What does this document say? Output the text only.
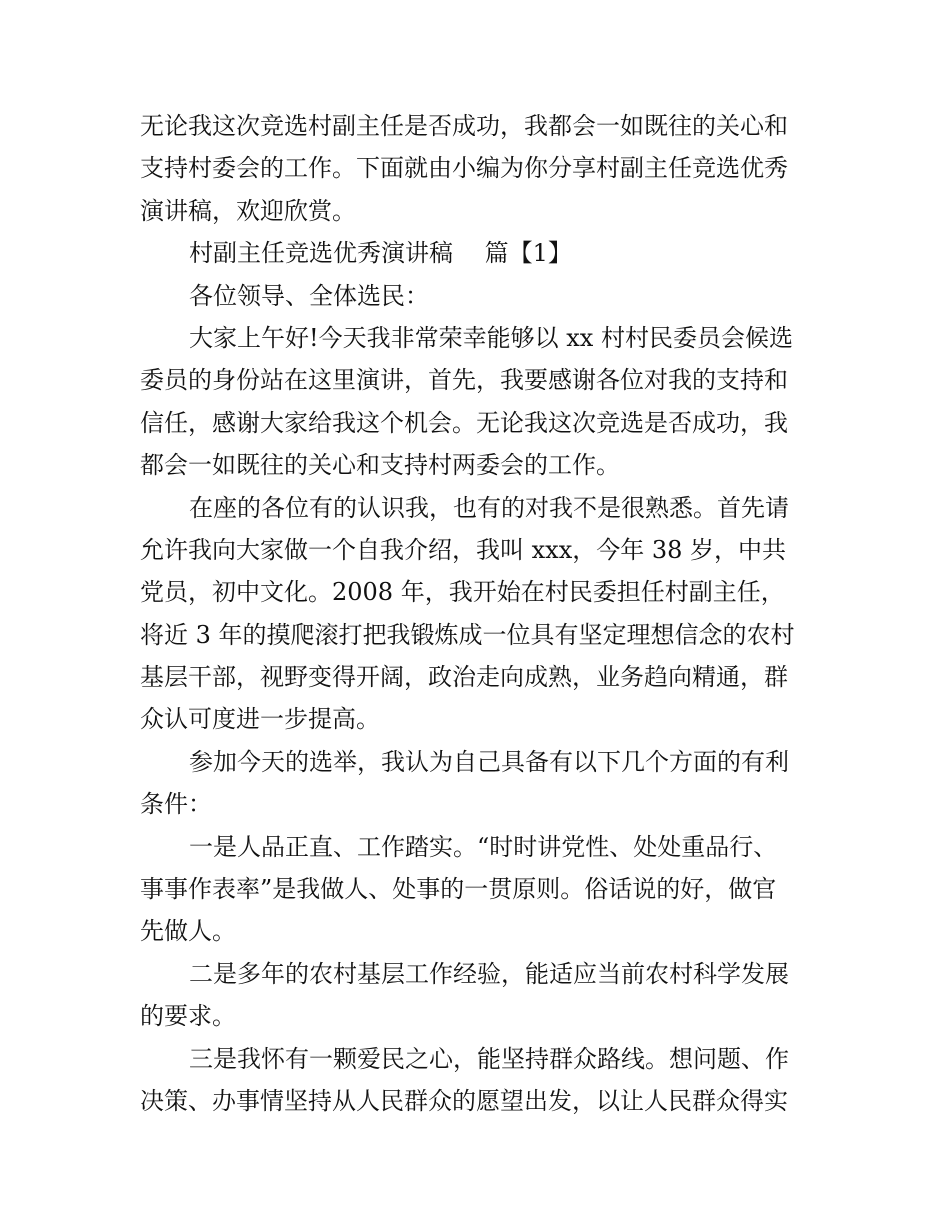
无论我这次竞选村副主任是否成功，我都会一如既往的关心和
支持村委会的工作。下面就由小编为你分享村副主任竞选优秀
演讲稿，欢迎欣赏。
村副主任竞选优秀演讲稿　 篇【1】
各位领导、全体选民：
大家上午好!今天我非常荣幸能够以 xx 村村民委员会候选
委员的身份站在这里演讲，首先，我要感谢各位对我的支持和
信任，感谢大家给我这个机会。无论我这次竞选是否成功，我
都会一如既往的关心和支持村两委会的工作。
在座的各位有的认识我，也有的对我不是很熟悉。首先请
允许我向大家做一个自我介绍，我叫 xxx，今年 38 岁，中共
党员，初中文化。2008 年，我开始在村民委担任村副主任，
将近 3 年的摸爬滚打把我锻炼成一位具有坚定理想信念的农村
基层干部，视野变得开阔，政治走向成熟，业务趋向精通，群
众认可度进一步提高。
参加今天的选举，我认为自己具备有以下几个方面的有利
条件：
一是人品正直、工作踏实。“时时讲党性、处处重品行、
事事作表率”是我做人、处事的一贯原则。俗话说的好，做官
先做人。
二是多年的农村基层工作经验，能适应当前农村科学发展
的要求。
三是我怀有一颗爱民之心，能坚持群众路线。想问题、作
决策、办事情坚持从人民群众的愿望出发，以让人民群众得实
